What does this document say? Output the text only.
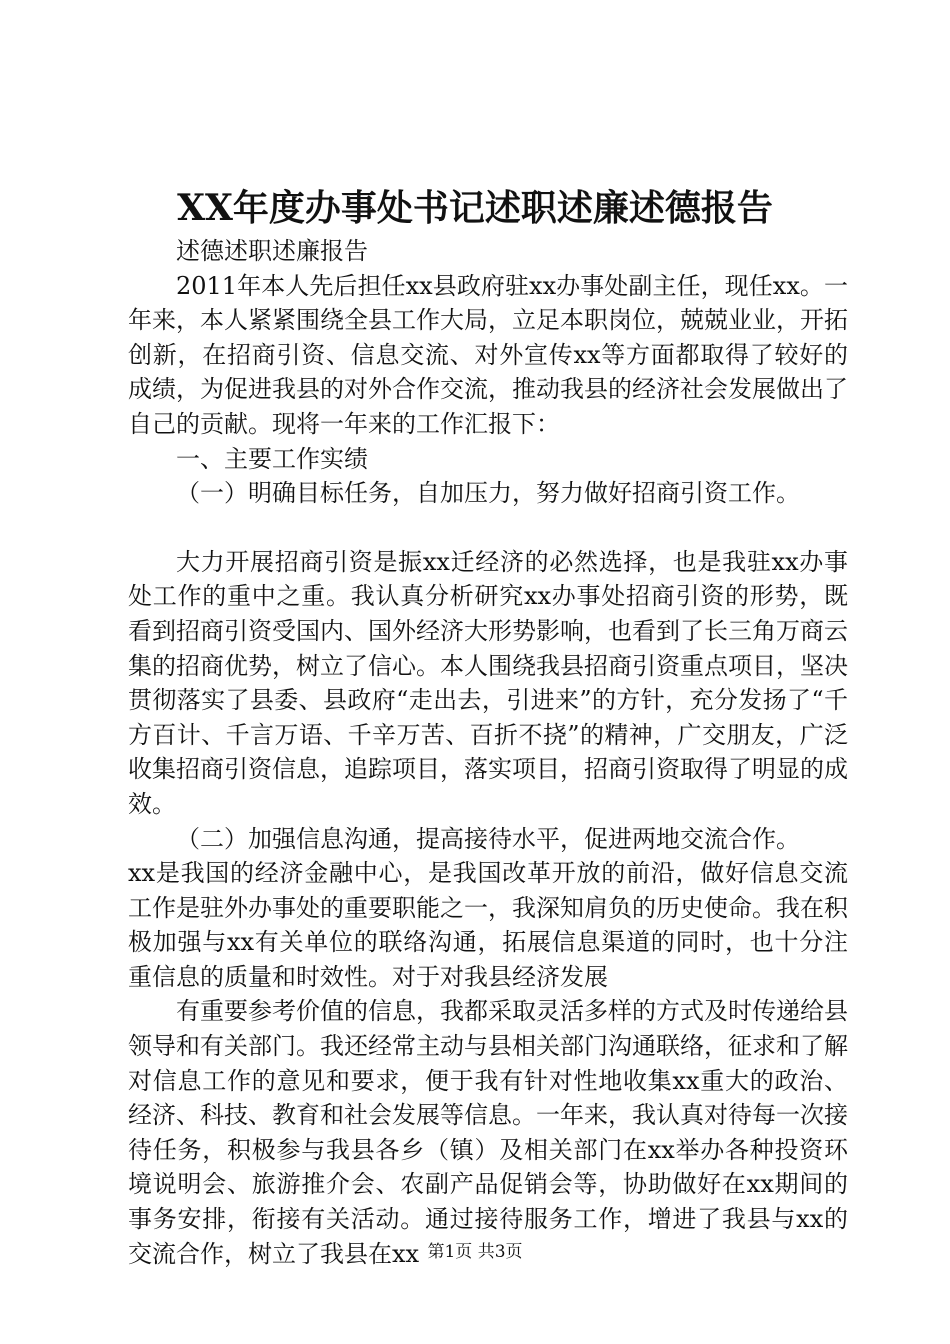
XX年度办事处书记述职述廉述德报告

述德述职述廉报告

2011年本人先后担任xx县政府驻xx办事处副主任，现任xx。一年来，本人紧紧围绕全县工作大局，立足本职岗位，兢兢业业，开拓创新，在招商引资、信息交流、对外宣传xx等方面都取得了较好的成绩，为促进我县的对外合作交流，推动我县的经济社会发展做出了自己的贡献。现将一年来的工作汇报下：

一、主要工作实绩

（一）明确目标任务，自加压力，努力做好招商引资工作。

大力开展招商引资是振xx迁经济的必然选择，也是我驻xx办事处工作的重中之重。我认真分析研究xx办事处招商引资的形势，既看到招商引资受国内、国外经济大形势影响，也看到了长三角万商云集的招商优势，树立了信心。本人围绕我县招商引资重点项目，坚决贯彻落实了县委、县政府“走出去，引进来”的方针，充分发扬了“千方百计、千言万语、千辛万苦、百折不挠”的精神，广交朋友，广泛收集招商引资信息，追踪项目，落实项目，招商引资取得了明显的成效。

（二）加强信息沟通，提高接待水平，促进两地交流合作。

xx是我国的经济金融中心，是我国改革开放的前沿，做好信息交流工作是驻外办事处的重要职能之一，我深知肩负的历史使命。我在积极加强与xx有关单位的联络沟通，拓展信息渠道的同时，也十分注重信息的质量和时效性。对于对我县经济发展

有重要参考价值的信息，我都采取灵活多样的方式及时传递给县领导和有关部门。我还经常主动与县相关部门沟通联络，征求和了解对信息工作的意见和要求，便于我有针对性地收集xx重大的政治、经济、科技、教育和社会发展等信息。一年来，我认真对待每一次接待任务，积极参与我县各乡（镇）及相关部门在xx举办各种投资环境说明会、旅游推介会、农副产品促销会等，协助做好在xx期间的事务安排，衔接有关活动。通过接待服务工作，增进了我县与xx的交流合作，树立了我县在xx 第1页 共3页
